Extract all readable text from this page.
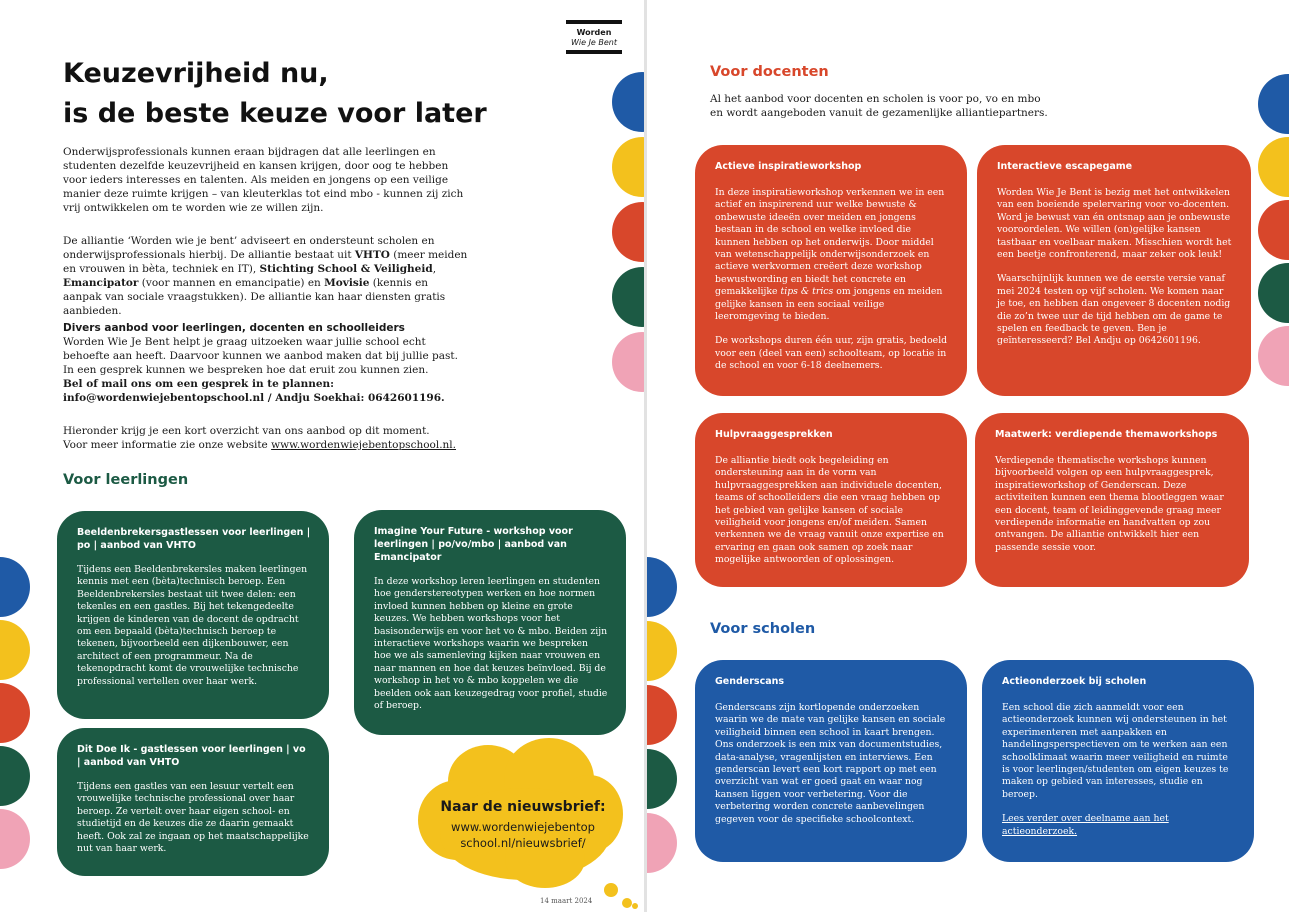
Worden
Wie Je Bent
Keuzevrijheid nu,
is de beste keuze voor later

Onderwijsprofessionals kunnen eraan bijdragen dat alle leerlingen en studenten dezelfde keuzevrijheid en kansen krijgen, door oog te hebben voor ieders interesses en talenten. Als meiden en jongens op een veilige manier deze ruimte krijgen – van kleuterklas tot eind mbo - kunnen zij zich vrij ontwikkelen om te worden wie ze willen zijn.

De alliantie ‘Worden wie je bent’ adviseert en ondersteunt scholen en onderwijsprofessionals hierbij. De alliantie bestaat uit VHTO (meer meiden en vrouwen in bèta, techniek en IT), Stichting School & Veiligheid, Emancipator (voor mannen en emancipatie) en Movisie (kennis en aanpak van sociale vraagstukken). De alliantie kan haar diensten gratis aanbieden.

Divers aanbod voor leerlingen, docenten en schoolleiders
Worden Wie Je Bent helpt je graag uitzoeken waar jullie school echt behoefte aan heeft. Daarvoor kunnen we aanbod maken dat bij jullie past. In een gesprek kunnen we bespreken hoe dat eruit zou kunnen zien.
Bel of mail ons om een gesprek in te plannen:
info@wordenwiejebentopschool.nl / Andju Soekhai: 0642601196.
Hieronder krijg je een kort overzicht van ons aanbod op dit moment.
Voor meer informatie zie onze website www.wordenwiejebentopschool.nl.
Voor leerlingen
Beeldenbrekersgastlessen voor leerlingen | po | aanbod van VHTO
Tijdens een Beeldenbrekersles maken leerlingen kennis met een (bèta)technisch beroep. Een Beeldenbrekersles bestaat uit twee delen: een tekenles en een gastles. Bij het tekengedeelte krijgen de kinderen van de docent de opdracht om een bepaald (bèta)technisch beroep te tekenen, bijvoorbeeld een dijkenbouwer, een architect of een programmeur. Na de tekenopdracht komt de vrouwelijke technische professional vertellen over haar werk.
Dit Doe Ik - gastlessen voor leerlingen | vo | aanbod van VHTO
Tijdens een gastles van een lesuur vertelt een vrouwelijke technische professional over haar beroep. Ze vertelt over haar eigen school- en studietijd en de keuzes die ze daarin gemaakt heeft. Ook zal ze ingaan op het maatschappelijke nut van haar werk.
Imagine Your Future - workshop voor leerlingen | po/vo/mbo | aanbod van Emancipator
In deze workshop leren leerlingen en studenten hoe genderstereotypen werken en hoe normen invloed kunnen hebben op kleine en grote keuzes. We hebben workshops voor het basisonderwijs en voor het vo & mbo. Beiden zijn interactieve workshops waarin we bespreken hoe we als samenleving kijken naar vrouwen en naar mannen en hoe dat keuzes beïnvloed. Bij de workshop in het vo & mbo koppelen we die beelden ook aan keuzegedrag voor profiel, studie of beroep.
Naar de nieuwsbrief:
www.wordenwiejebentop
school.nl/nieuwsbrief/
14 maart 2024
Voor docenten
Al het aanbod voor docenten en scholen is voor po, vo en mbo
en wordt aangeboden vanuit de gezamenlijke alliantiepartners.
Actieve inspiratieworkshop

In deze inspiratieworkshop verkennen we in een actief en inspirerend uur welke bewuste & onbewuste ideeën over meiden en jongens bestaan in de school en welke invloed die kunnen hebben op het onderwijs. Door middel van wetenschappelijk onderwijsonderzoek en actieve werkvormen creëert deze workshop bewustwording en biedt het concrete en gemakkelijke tips & trics om jongens en meiden gelijke kansen in een sociaal veilige leeromgeving te bieden.

De workshops duren één uur, zijn gratis, bedoeld voor een (deel van een) schoolteam, op locatie in de school en voor 6-18 deelnemers.

Interactieve escapegame

Worden Wie Je Bent is bezig met het ontwikkelen van een boeiende spelervaring voor vo-docenten. Word je bewust van én ontsnap aan je onbewuste vooroordelen. We willen (on)gelijke kansen tastbaar en voelbaar maken. Misschien wordt het een beetje confronterend, maar zeker ook leuk!

Waarschijnlijk kunnen we de eerste versie vanaf mei 2024 testen op vijf scholen. We komen naar je toe, en hebben dan ongeveer 8 docenten nodig die zo’n twee uur de tijd hebben om de game te spelen en feedback te geven. Ben je geïnteresseerd? Bel Andju op 0642601196.

Hulpvraaggesprekken
De alliantie biedt ook begeleiding en ondersteuning aan in de vorm van hulpvraaggesprekken aan individuele docenten, teams of schoolleiders die een vraag hebben op het gebied van gelijke kansen of sociale veiligheid voor jongens en/of meiden. Samen verkennen we de vraag vanuit onze expertise en ervaring en gaan ook samen op zoek naar mogelijke antwoorden of oplossingen.
Maatwerk: verdiepende themaworkshops
Verdiepende thematische workshops kunnen bijvoorbeeld volgen op een hulpvraaggesprek, inspiratieworkshop of Genderscan. Deze activiteiten kunnen een thema blootleggen waar een docent, team of leidinggevende graag meer verdiepende informatie en handvatten op zou ontvangen. De alliantie ontwikkelt hier een passende sessie voor.
Voor scholen
Genderscans
Genderscans zijn kortlopende onderzoeken waarin we de mate van gelijke kansen en sociale veiligheid binnen een school in kaart brengen. Ons onderzoek is een mix van documentstudies, data-analyse, vragenlijsten en interviews. Een genderscan levert een kort rapport op met een overzicht van wat er goed gaat en waar nog kansen liggen voor verbetering. Voor die verbetering worden concrete aanbevelingen gegeven voor de specifieke schoolcontext.
Actieonderzoek bij scholen

Een school die zich aanmeldt voor een actieonderzoek kunnen wij ondersteunen in het experimenteren met aanpakken en handelingsperspectieven om te werken aan een schoolklimaat waarin meer veiligheid en ruimte is voor leerlingen/studenten om eigen keuzes te maken op gebied van interesses, studie en beroep.

Lees verder over deelname aan het actieonderzoek.
